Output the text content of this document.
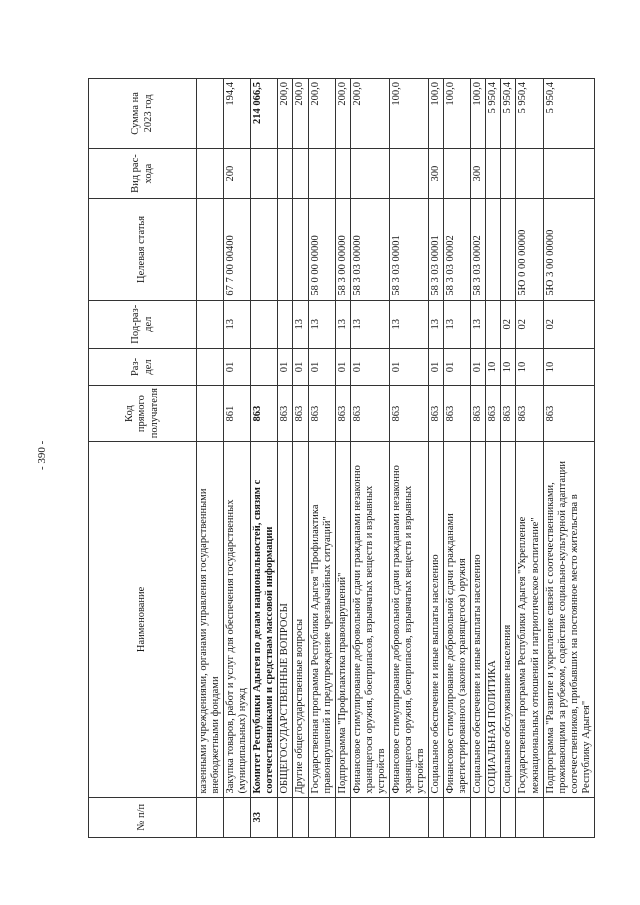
- 390 -
№ п/п	Наименование	Код прямого получателя	Раз-дел	Под-раз-дел	Целевая статья	Вид рас-хода	Сумма на 2023 год
	казенными учреждениями, органами управления государственными внебюджетными фондами						
	Закупка товаров, работ и услуг для обеспечения государственных (муниципальных) нужд	861	01	13	67 7 00 00400	200	194,4
33	Комитет Республики Адыгея по делам национальностей, связям с соотечественниками и средствам массовой информации	863					214 066,5
	ОБЩЕГОСУДАРСТВЕННЫЕ ВОПРОСЫ	863	01				200,0
	Другие общегосударственные вопросы	863	01	13			200,0
	Государственная программа Республики Адыгея "Профилактика правонарушений и предупреждение чрезвычайных ситуаций"	863	01	13	58 0 00 00000		200,0
	Подпрограмма "Профилактика правонарушений"	863	01	13	58 3 00 00000		200,0
	Финансовое стимулирование добровольной сдачи гражданами незаконно хранящегося оружия, боеприпасов, взрывчатых веществ и взрывных устройств	863	01	13	58 3 03 00000		200,0
	Финансовое стимулирование добровольной сдачи гражданами незаконно хранящегося оружия, боеприпасов, взрывчатых веществ и взрывных устройств	863	01	13	58 3 03 00001		100,0
	Социальное обеспечение и иные выплаты населению	863	01	13	58 3 03 00001	300	100,0
	Финансовое стимулирование добровольной сдачи гражданами зарегистрированного (законно хранящегося) оружия	863	01	13	58 3 03 00002		100,0
	Социальное обеспечение и иные выплаты населению	863	01	13	58 3 03 00002	300	100,0
	СОЦИАЛЬНАЯ ПОЛИТИКА	863	10				5 950,4
	Социальное обслуживание населения	863	10	02			5 950,4
	Государственная программа Республики Адыгея "Укрепление межнациональных отношений и патриотическое воспитание"	863	10	02	5Ю 0 00 00000		5 950,4
	Подпрограмма "Развитие и укрепление связей с соотечественниками, проживающими за рубежом, содействие социально-культурной адаптации соотечественников, прибывших на постоянное место жительства в Республику Адыгея"	863	10	02	5Ю 3 00 00000		5 950,4
